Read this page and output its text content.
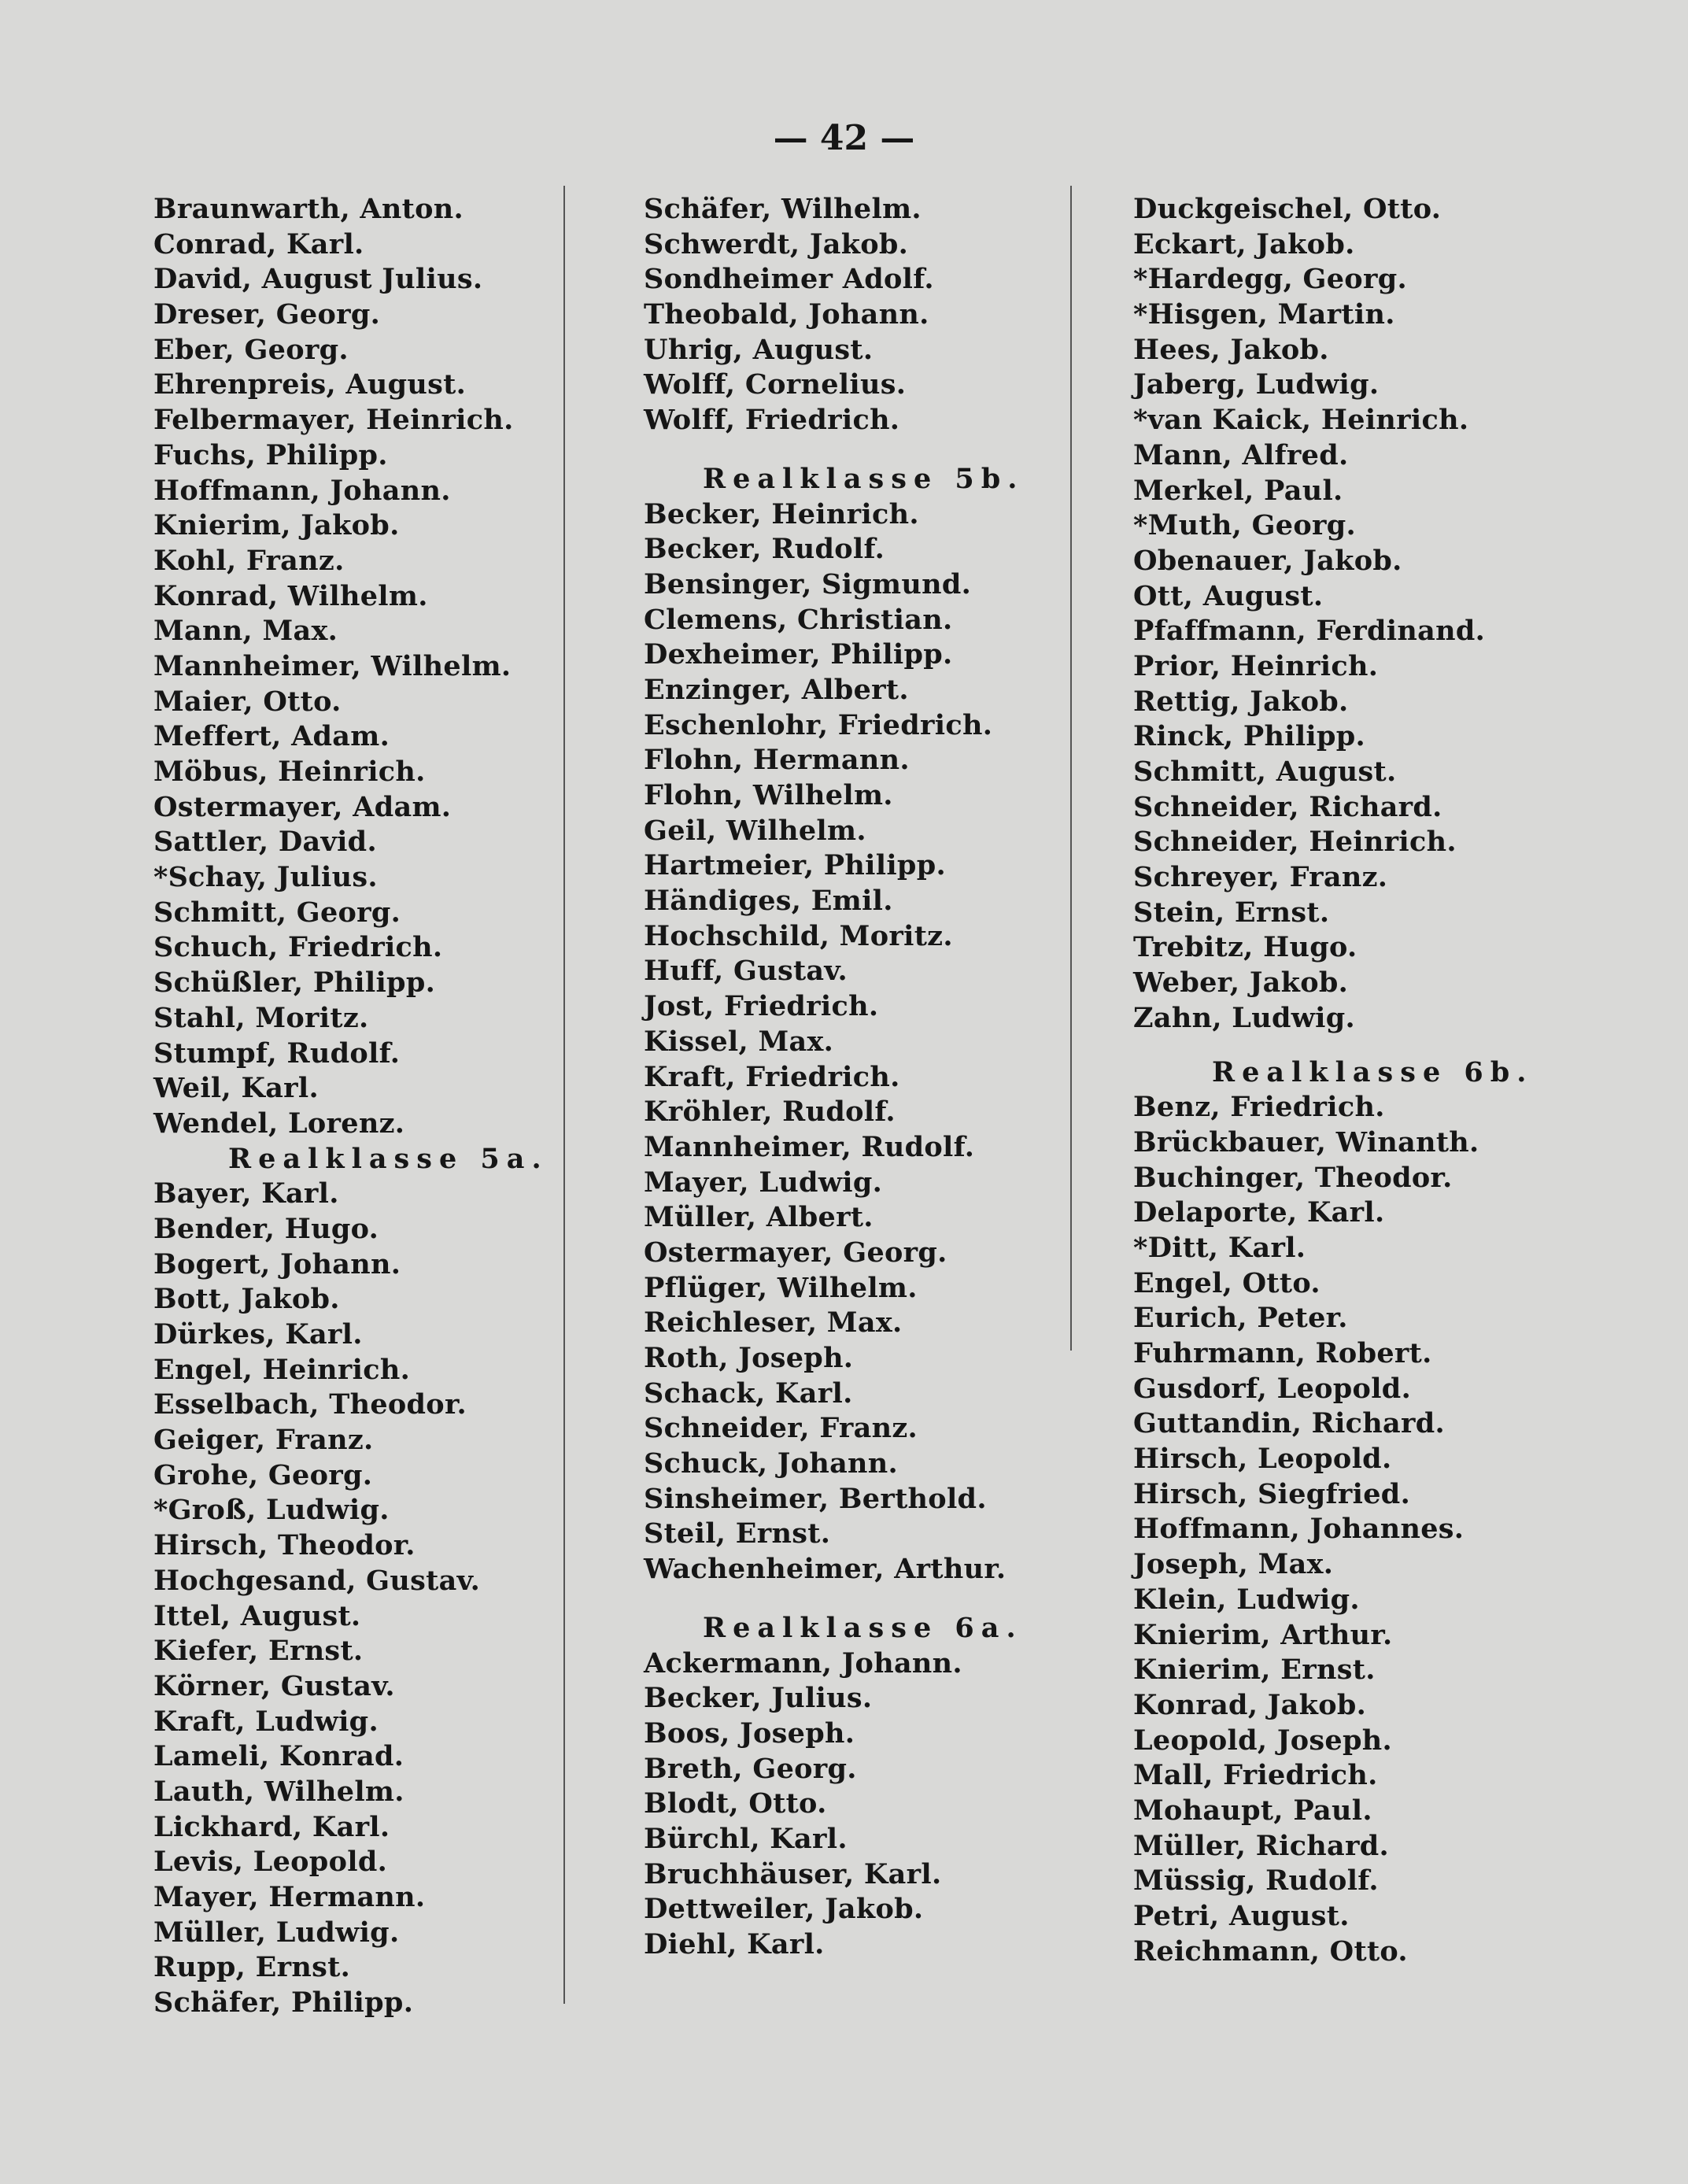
— 42 —
Braunwarth, Anton.
Conrad, Karl.
David, August Julius.
Dreser, Georg.
Eber, Georg.
Ehrenpreis, August.
Felbermayer, Heinrich.
Fuchs, Philipp.
Hoffmann, Johann.
Knierim, Jakob.
Kohl, Franz.
Konrad, Wilhelm.
Mann, Max.
Mannheimer, Wilhelm.
Maier, Otto.
Meffert, Adam.
Möbus, Heinrich.
Ostermayer, Adam.
Sattler, David.
*Schay, Julius.
Schmitt, Georg.
Schuch, Friedrich.
Schüßler, Philipp.
Stahl, Moritz.
Stumpf, Rudolf.
Weil, Karl.
Wendel, Lorenz.
Realklasse 5a.
Bayer, Karl.
Bender, Hugo.
Bogert, Johann.
Bott, Jakob.
Dürkes, Karl.
Engel, Heinrich.
Esselbach, Theodor.
Geiger, Franz.
Grohe, Georg.
*Groß, Ludwig.
Hirsch, Theodor.
Hochgesand, Gustav.
Ittel, August.
Kiefer, Ernst.
Körner, Gustav.
Kraft, Ludwig.
Lameli, Konrad.
Lauth, Wilhelm.
Lickhard, Karl.
Levis, Leopold.
Mayer, Hermann.
Müller, Ludwig.
Rupp, Ernst.
Schäfer, Philipp.
Schäfer, Wilhelm.
Schwerdt, Jakob.
Sondheimer Adolf.
Theobald, Johann.
Uhrig, August.
Wolff, Cornelius.
Wolff, Friedrich.
Realklasse 5b.
Becker, Heinrich.
Becker, Rudolf.
Bensinger, Sigmund.
Clemens, Christian.
Dexheimer, Philipp.
Enzinger, Albert.
Eschenlohr, Friedrich.
Flohn, Hermann.
Flohn, Wilhelm.
Geil, Wilhelm.
Hartmeier, Philipp.
Händiges, Emil.
Hochschild, Moritz.
Huff, Gustav.
Jost, Friedrich.
Kissel, Max.
Kraft, Friedrich.
Kröhler, Rudolf.
Mannheimer, Rudolf.
Mayer, Ludwig.
Müller, Albert.
Ostermayer, Georg.
Pflüger, Wilhelm.
Reichleser, Max.
Roth, Joseph.
Schack, Karl.
Schneider, Franz.
Schuck, Johann.
Sinsheimer, Berthold.
Steil, Ernst.
Wachenheimer, Arthur.
Realklasse 6a.
Ackermann, Johann.
Becker, Julius.
Boos, Joseph.
Breth, Georg.
Blodt, Otto.
Bürchl, Karl.
Bruchhäuser, Karl.
Dettweiler, Jakob.
Diehl, Karl.
Duckgeischel, Otto.
Eckart, Jakob.
*Hardegg, Georg.
*Hisgen, Martin.
Hees, Jakob.
Jaberg, Ludwig.
*van Kaick, Heinrich.
Mann, Alfred.
Merkel, Paul.
*Muth, Georg.
Obenauer, Jakob.
Ott, August.
Pfaffmann, Ferdinand.
Prior, Heinrich.
Rettig, Jakob.
Rinck, Philipp.
Schmitt, August.
Schneider, Richard.
Schneider, Heinrich.
Schreyer, Franz.
Stein, Ernst.
Trebitz, Hugo.
Weber, Jakob.
Zahn, Ludwig.
Realklasse 6b.
Benz, Friedrich.
Brückbauer, Winanth.
Buchinger, Theodor.
Delaporte, Karl.
*Ditt, Karl.
Engel, Otto.
Eurich, Peter.
Fuhrmann, Robert.
Gusdorf, Leopold.
Guttandin, Richard.
Hirsch, Leopold.
Hirsch, Siegfried.
Hoffmann, Johannes.
Joseph, Max.
Klein, Ludwig.
Knierim, Arthur.
Knierim, Ernst.
Konrad, Jakob.
Leopold, Joseph.
Mall, Friedrich.
Mohaupt, Paul.
Müller, Richard.
Müssig, Rudolf.
Petri, August.
Reichmann, Otto.
